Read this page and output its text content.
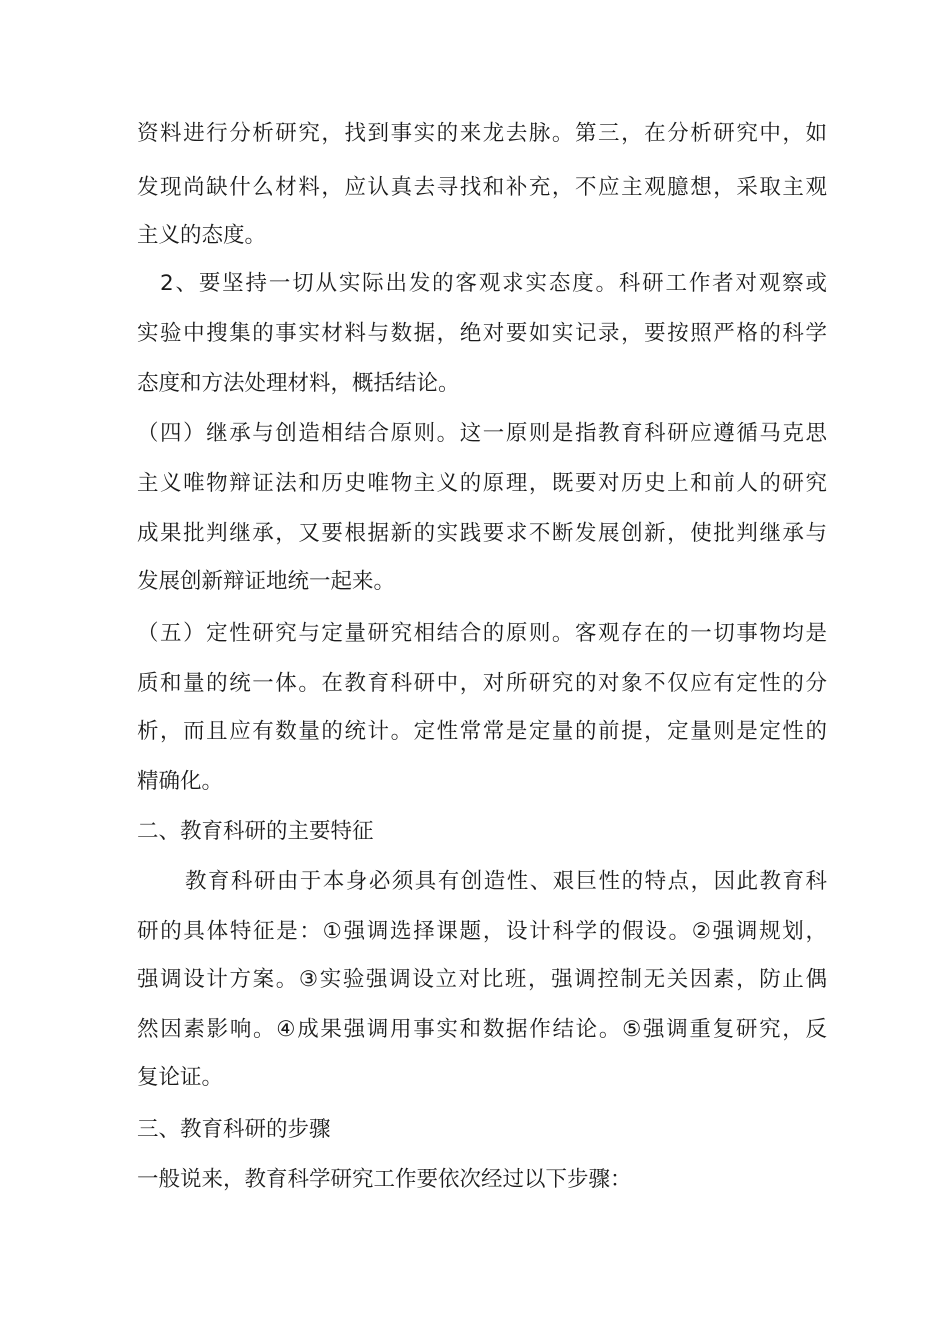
资料进行分析研究，找到事实的来龙去脉。第三，在分析研究中，如
发现尚缺什么材料，应认真去寻找和补充，不应主观臆想，采取主观
主义的态度。
2、要坚持一切从实际出发的客观求实态度。科研工作者对观察或
实验中搜集的事实材料与数据，绝对要如实记录，要按照严格的科学
态度和方法处理材料，概括结论。
（四）继承与创造相结合原则。这一原则是指教育科研应遵循马克思
主义唯物辩证法和历史唯物主义的原理，既要对历史上和前人的研究
成果批判继承，又要根据新的实践要求不断发展创新，使批判继承与
发展创新辩证地统一起来。
（五）定性研究与定量研究相结合的原则。客观存在的一切事物均是
质和量的统一体。在教育科研中，对所研究的对象不仅应有定性的分
析，而且应有数量的统计。定性常常是定量的前提，定量则是定性的
精确化。
二、教育科研的主要特征
教育科研由于本身必须具有创造性、艰巨性的特点，因此教育科
研的具体特征是：①强调选择课题，设计科学的假设。②强调规划，
强调设计方案。③实验强调设立对比班，强调控制无关因素，防止偶
然因素影响。④成果强调用事实和数据作结论。⑤强调重复研究，反
复论证。
三、教育科研的步骤
一般说来，教育科学研究工作要依次经过以下步骤：
